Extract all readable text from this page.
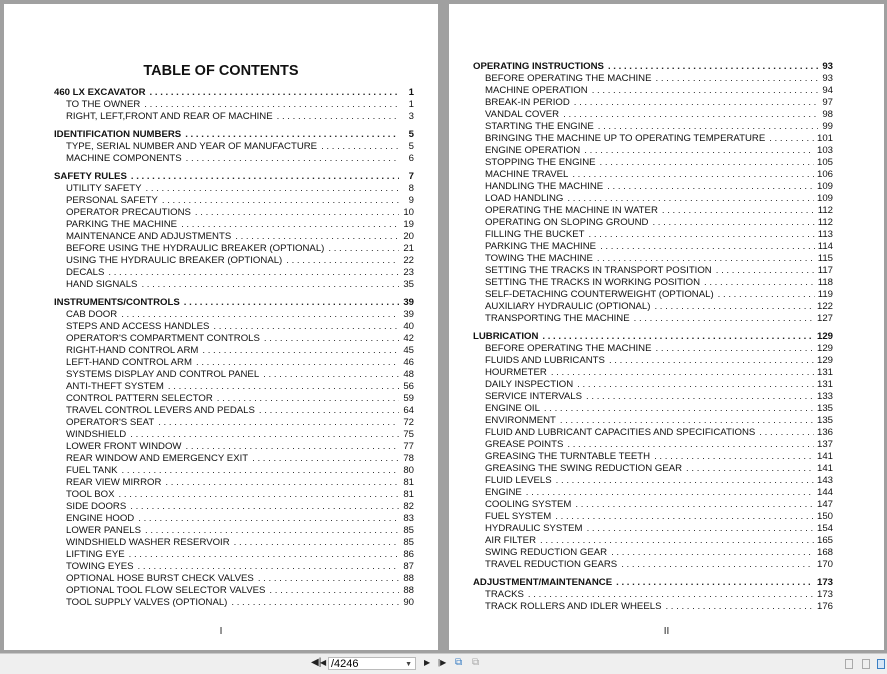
TABLE OF CONTENTS
460 LX EXCAVATOR . . .	1
TO THE OWNER . . .	1
RIGHT, LEFT,FRONT AND REAR OF MACHINE . . .	3
IDENTIFICATION NUMBERS . . .	5
TYPE, SERIAL NUMBER AND YEAR OF MANUFACTURE . . .	5
MACHINE COMPONENTS . . .	6
SAFETY RULES . . .	7
UTILITY SAFETY . . .	8
PERSONAL SAFETY . . .	9
OPERATOR PRECAUTIONS . . .	10
PARKING THE MACHINE . . .	19
MAINTENANCE AND ADJUSTMENTS . . .	20
BEFORE USING THE HYDRAULIC BREAKER (OPTIONAL) . . .	21
USING THE HYDRAULIC BREAKER (OPTIONAL) . . .	22
DECALS . . .	23
HAND SIGNALS . . .	35
INSTRUMENTS/CONTROLS . . .	39
CAB DOOR . . .	39
STEPS AND ACCESS HANDLES . . .	40
OPERATOR'S COMPARTMENT CONTROLS . . .	42
RIGHT-HAND CONTROL ARM . . .	45
LEFT-HAND CONTROL ARM . . .	46
SYSTEMS DISPLAY AND CONTROL PANEL . . .	48
ANTI-THEFT SYSTEM . . .	56
CONTROL PATTERN SELECTOR . . .	59
TRAVEL CONTROL LEVERS AND PEDALS . . .	64
OPERATOR'S SEAT . . .	72
WINDSHIELD . . .	75
LOWER FRONT WINDOW . . .	77
REAR WINDOW AND EMERGENCY EXIT . . .	78
FUEL TANK . . .	80
REAR VIEW MIRROR . . .	81
TOOL BOX . . .	81
SIDE DOORS . . .	82
ENGINE HOOD . . .	83
LOWER PANELS . . .	85
WINDSHIELD WASHER RESERVOIR . . .	85
LIFTING EYE . . .	86
TOWING EYES . . .	87
OPTIONAL HOSE BURST CHECK VALVES . . .	88
OPTIONAL TOOL FLOW SELECTOR VALVES . . .	88
TOOL SUPPLY VALVES (OPTIONAL) . . .	90
I
OPERATING INSTRUCTIONS . . .	93
BEFORE OPERATING THE MACHINE . . .	93
MACHINE OPERATION . . .	94
BREAK-IN PERIOD . . .	97
VANDAL COVER . . .	98
STARTING THE ENGINE . . .	99
BRINGING THE MACHINE UP TO OPERATING TEMPERATURE . . .	101
ENGINE OPERATION . . .	103
STOPPING THE ENGINE . . .	105
MACHINE TRAVEL . . .	106
HANDLING THE MACHINE . . .	109
LOAD HANDLING . . .	109
OPERATING THE MACHINE IN WATER . . .	112
OPERATING ON SLOPING GROUND . . .	112
FILLING THE BUCKET . . .	113
PARKING THE MACHINE . . .	114
TOWING THE MACHINE . . .	115
SETTING THE TRACKS IN TRANSPORT POSITION . . .	117
SETTING THE TRACKS IN WORKING POSITION . . .	118
SELF-DETACHING COUNTERWEIGHT (OPTIONAL) . . .	119
AUXILIARY HYDRAULIC (OPTIONAL) . . .	122
TRANSPORTING THE MACHINE . . .	127
LUBRICATION . . .	129
BEFORE OPERATING THE MACHINE . . .	129
FLUIDS AND LUBRICANTS . . .	129
HOURMETER . . .	131
DAILY INSPECTION . . .	131
SERVICE INTERVALS . . .	133
ENGINE OIL . . .	135
ENVIRONMENT . . .	135
FLUID AND LUBRICANT CAPACITIES AND SPECIFICATIONS . . .	136
GREASE POINTS . . .	137
GREASING THE TURNTABLE TEETH . . .	141
GREASING THE SWING REDUCTION GEAR . . .	141
FLUID LEVELS . . .	143
ENGINE . . .	144
COOLING SYSTEM . . .	147
FUEL SYSTEM . . .	150
HYDRAULIC SYSTEM . . .	154
AIR FILTER . . .	165
SWING REDUCTION GEAR . . .	168
TRAVEL REDUCTION GEARS . . .	170
ADJUSTMENT/MAINTENANCE . . .	173
TRACKS . . .	173
TRACK ROLLERS AND IDLER WHEELS . . .	176
II
◀|
◀ /4246	▼ ▶ |▶ ⧉ ⧉
